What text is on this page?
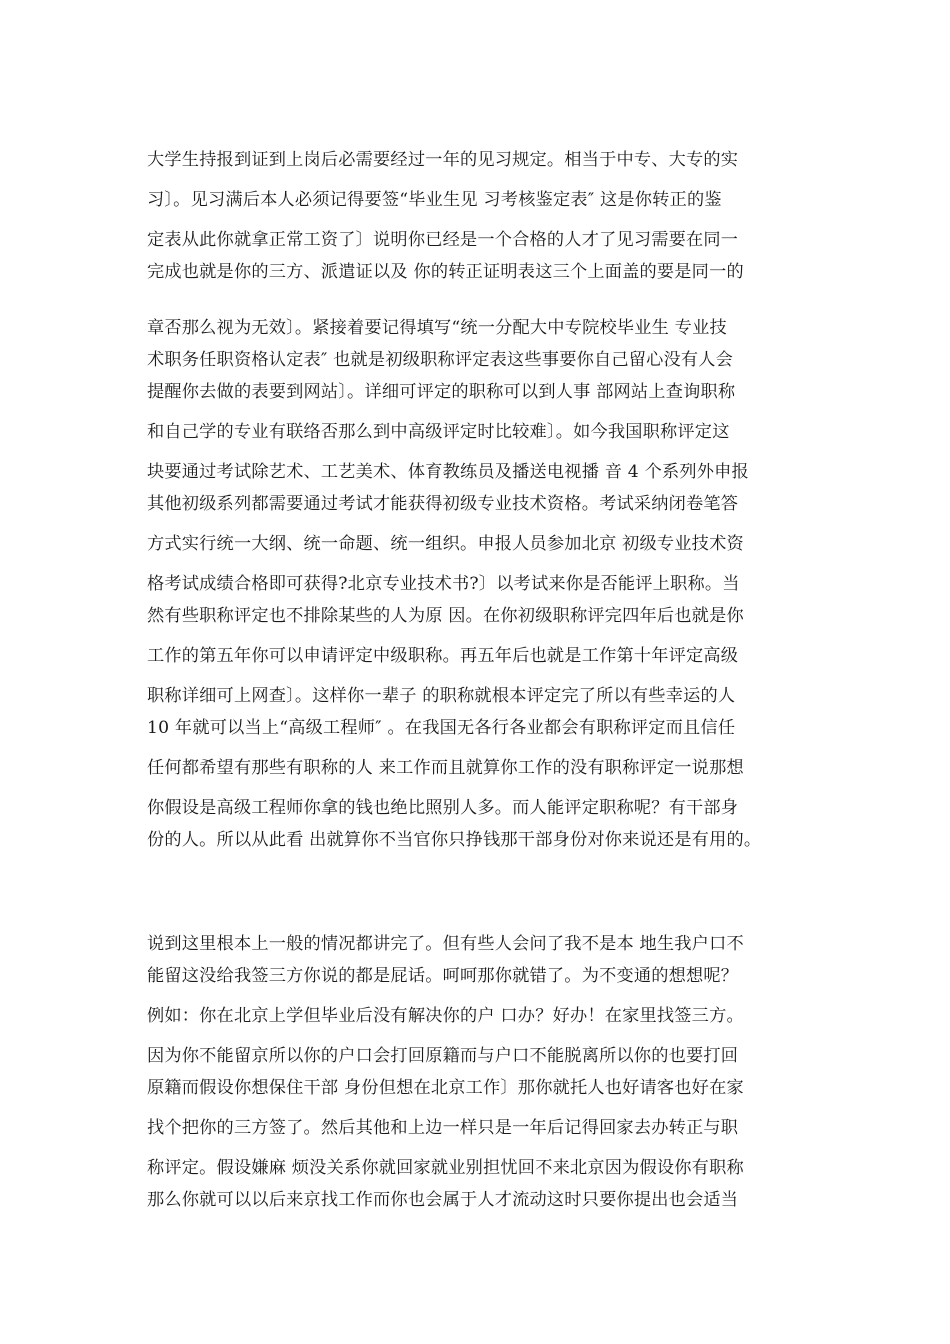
大学生持报到证到上岗后必需要经过一年的见习规定。相当于中专、大专的实
习〕。见习满后本人必须记得要签“毕业生见 习考核鉴定表″ 这是你转正的鉴
定表从此你就拿正常工资了〕说明你已经是一个合格的人才了见习需要在同一
完成也就是你的三方、派遣证以及 你的转正证明表这三个上面盖的要是同一的
章否那么视为无效〕。紧接着要记得填写“统一分配大中专院校毕业生 专业技
术职务任职资格认定表″ 也就是初级职称评定表这些事要你自己留心没有人会
提醒你去做的表要到网站〕。详细可评定的职称可以到人事 部网站上查询职称
和自己学的专业有联络否那么到中高级评定时比较难〕。如今我国职称评定这
块要通过考试除艺术、工艺美术、体育教练员及播送电视播 音 4 个系列外申报
其他初级系列都需要通过考试才能获得初级专业技术资格。考试采纳闭卷笔答
方式实行统一大纲、统一命题、统一组织。申报人员参加北京 初级专业技术资
格考试成绩合格即可获得?北京专业技术书?〕以考试来你是否能评上职称。当
然有些职称评定也不排除某些的人为原 因。在你初级职称评完四年后也就是你
工作的第五年你可以申请评定中级职称。再五年后也就是工作第十年评定高级
职称详细可上网查〕。这样你一辈子 的职称就根本评定完了所以有些幸运的人
10 年就可以当上“高级工程师″ 。在我国无各行各业都会有职称评定而且信任
任何都希望有那些有职称的人 来工作而且就算你工作的没有职称评定一说那想
你假设是高级工程师你拿的钱也绝比照别人多。而人能评定职称呢？有干部身
份的人。所以从此看 出就算你不当官你只挣钱那干部身份对你来说还是有用的。
说到这里根本上一般的情况都讲完了。但有些人会问了我不是本 地生我户口不
能留这没给我签三方你说的都是屁话。呵呵那你就错了。为不变通的想想呢？
例如：你在北京上学但毕业后没有解决你的户 口办？好办！在家里找签三方。
因为你不能留京所以你的户口会打回原籍而与户口不能脱离所以你的也要打回
原籍而假设你想保住干部 身份但想在北京工作〕那你就托人也好请客也好在家
找个把你的三方签了。然后其他和上边一样只是一年后记得回家去办转正与职
称评定。假设嫌麻 烦没关系你就回家就业别担忧回不来北京因为假设你有职称
那么你就可以以后来京找工作而你也会属于人才流动这时只要你提出也会适当
